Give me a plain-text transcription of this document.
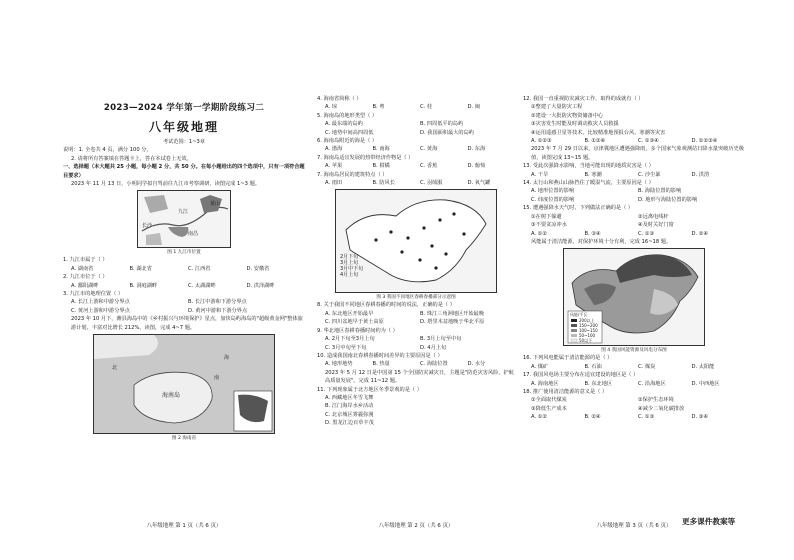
2023—2024 学年第一学期阶段练习二
八年级地理
考试范围：1~3章
说明：1. 全卷共 4 页，满分 100 分。
2. 请将所有答案填在答题卡上，答在本试卷上无效。
一、选择题（本大题共 25 小题，每小题 2 分，共 50 分。在每小题给出的四个选项中，只有一项符合题目要求）
2023 年 11 月 13 日，小明同学拟自驾前往九江市考察调研，读图完成 1~3 题。
九江
黄山
南昌
长沙
图 1 九江市位置
1. 九江市属于（ ）
A. 湖南省	B. 湖北省	C. 江西省	D. 安徽省
2. 九江市位于（ ）
A. 鄱阳湖畔	B. 洞庭湖畔	C. 太湖湖畔	D. 洪泽湖畔
3. 九江市的地理位置（ ）
A. 长江上游和中游分界点	B. 长江中游和下游分界点
C. 黄河上游和中游分界点	D. 黄河中游和下游分界点
2023 年 10 月下，潍县海岛中的《乡村振兴与环境保护》星点，加快岛屿海岛的"超级黄金网"整体旅游计划，丰富对比增长 212%。读图，完成 4~7 题。
北
海
南
海南岛
图 2 海南省
八年级地理 第 1 页（共 6 页）
4. 海南省简称（ ）
A. 琼	B. 粤	C. 桂	D. 闽
5. 海南岛的地形类型（ ）
A. 最东端的岛屿	B. 四周低平的岛屿
C. 地势中间高四周低	D. 我国面积最大的岛屿
6. 海南岛附近的海是（ ）
A. 渤海	B. 南海	C. 黄海	D. 东海
7. 海南岛适宜发展的热带经济作物是（ ）
A. 苹果	B. 柑橘	C. 香蕉	D. 葡萄
7. 海南岛居民的建筑特点（ ）
A. 雨田	B. 防风长	C. 羽绒服	D. 氧气罐
2月下旬
3月上旬
3月中下旬
4月上旬
图 3 我国不同地区春耕春播部分示意图
8. 关于我国不同地区春耕春播的时间的说法，正确的是（ ）
A. 东北地区开始最早	B. 珠江三角洲地区开始最晚
C. 四川盆地早于黄土高原	D. 塔里木盆地晚于华北平原
9. 华北地区春耕春播时间约为（ ）
A. 2月下旬至3月上旬	B. 3月上旬至中旬
C. 3月中旬至下旬	D. 4月上旬
10. 造成我国南北春耕春播时间差异的主要原因是（ ）
A. 地形地势	B. 热量	C. 海陆位置	D. 水分
2023 年 5 月 12 日是中国第 15 个全国防灾减灾日，主题是"防范灾害风险，护航高质量发展"。完成 11~12 题。
11. 下列现象属于北方地区冬季景观的是（ ）
A. 西藏地区冬雪飞舞
B. 江门海岸水乡活动
C. 北京城区雾霾弥漫
D. 黑龙江边百草丰茂
八年级地理 第 2 页（共 6 页）
12. 我国一直重视防灾减灾工作，取得的成就有（ ）
①整建了大量防灾工程
②建设一大批防灾物资储备中心
③灾害发生时能及时调动救灾人员救援
④运用遥感卫星等技术，比较精准地预报台风、寒潮等灾害
A. ①②③	B. ①②④	C. ①③④	D. ①②③④
2023 年 7 月 29 日以来，京津冀地区遭遇强降雨，多个国家气象观测站日降水量突破历史极值，读图完成 13~15 题。
13. 受此次强降水影响，当地可能出现的地质灾害是（ ）
A. 干旱	B. 寒潮	C. 沙尘暴	D. 洪涝
14. 太行山和燕山山脉挡住了暖湿气流，主要原因是（ ）
A. 地形位置的影响	B. 海陆位置的影响
C. 纬度位置的影响	D. 地形与海陆位置的影响
15. 遭遇强降水天气时，下列做法正确的是（ ）
①在树下躲避	②远离电线杆
③不要贪凉冲水	④及时关好门窗
A. ①②	B. ③④	C. ①③	D. ②④
风能属于清洁能源，对保护环境十分有利，完成 16~18 题。
风能/千瓦
200以上
150~200
100~150
50~100
50以下
图 4 我国风能资源及风电分布图
16. 下列风电能属于清洁能源的是（ ）
A. 煤矿	B. 石油	C. 煤炭	D. 太阳能
17. 我国风电场主要分布在适宜建设的地区是（ ）
A. 海南地区	B. 东北地区	C. 沿海地区	D. 中西地区
18. 推广使用清洁能源的意义是（ ）
①全面取代煤炭	②保护生态环境
③降低生产成本	④减少二氧化碳排放
A. ①②	B. ②④	C. ①③	D. ③④
八年级地理 第 3 页（共 6 页）	更多课件教案等
